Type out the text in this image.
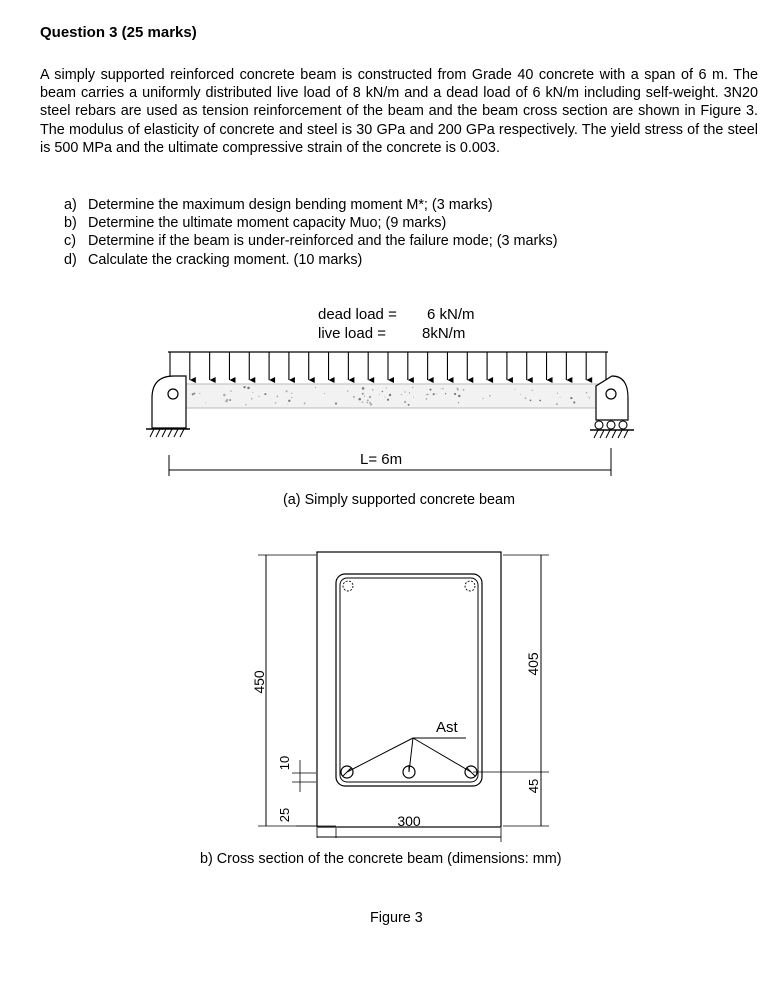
Question 3 (25 marks)

A simply supported reinforced concrete beam is constructed from Grade 40 concrete with a span of 6 m. The beam carries a uniformly distributed live load of 8 kN/m and a dead load of 6 kN/m including self-weight. 3N20 steel rebars are used as tension reinforcement of the beam and the beam cross section are shown in Figure 3. The modulus of elasticity of concrete and steel is 30 GPa and 200 GPa respectively. The yield stress of the steel is 500 MPa and the ultimate compressive strain of the concrete is 0.003.

a) Determine the maximum design bending moment M*; (3 marks)
b) Determine the ultimate moment capacity Muo; (9 marks)
c) Determine if the beam is under-reinforced and the failure mode; (3 marks)
d) Calculate the cracking moment. (10 marks)
dead load = 6 kN/m
live load = 8kN/m
L= 6m
Ast
450
10
25	300
405
45
(a) Simply supported concrete beam
b) Cross section of the concrete beam (dimensions: mm)
Figure 3
